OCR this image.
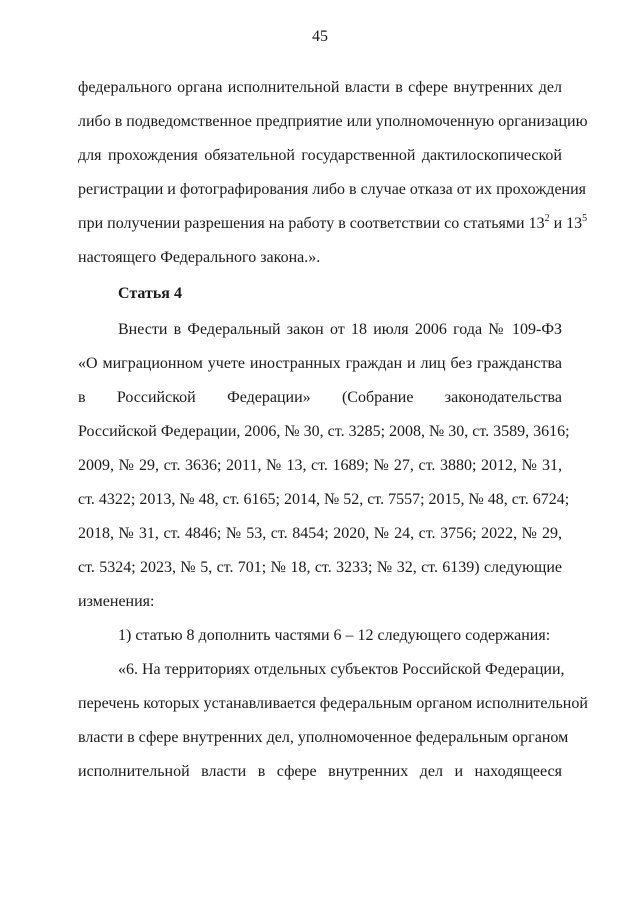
45
федерального органа исполнительной власти в сфере внутренних дел
либо в подведомственное предприятие или уполномоченную организацию
для прохождения обязательной государственной дактилоскопической
регистрации и фотографирования либо в случае отказа от их прохождения
при получении разрешения на работу в соответствии со статьями $13^2$ и $13^5$
настоящего Федерального закона.».
Статья 4
Внести в Федеральный закон от 18 июля 2006 года № 109-ФЗ
«О миграционном учете иностранных граждан и лиц без гражданства
в Российской Федерации» (Собрание законодательства
Российской Федерации, 2006, № 30, ст. 3285; 2008, № 30, ст. 3589, 3616;
2009, № 29, ст. 3636; 2011, № 13, ст. 1689; № 27, ст. 3880; 2012, № 31,
ст. 4322; 2013, № 48, ст. 6165; 2014, № 52, ст. 7557; 2015, № 48, ст. 6724;
2018, № 31, ст. 4846; № 53, ст. 8454; 2020, № 24, ст. 3756; 2022, № 29,
ст. 5324; 2023, № 5, ст. 701; № 18, ст. 3233; № 32, ст. 6139) следующие
изменения:
1) статью 8 дополнить частями 6 – 12 следующего содержания:
«6. На территориях отдельных субъектов Российской Федерации,
перечень которых устанавливается федеральным органом исполнительной
власти в сфере внутренних дел, уполномоченное федеральным органом
исполнительной власти в сфере внутренних дел и находящееся
